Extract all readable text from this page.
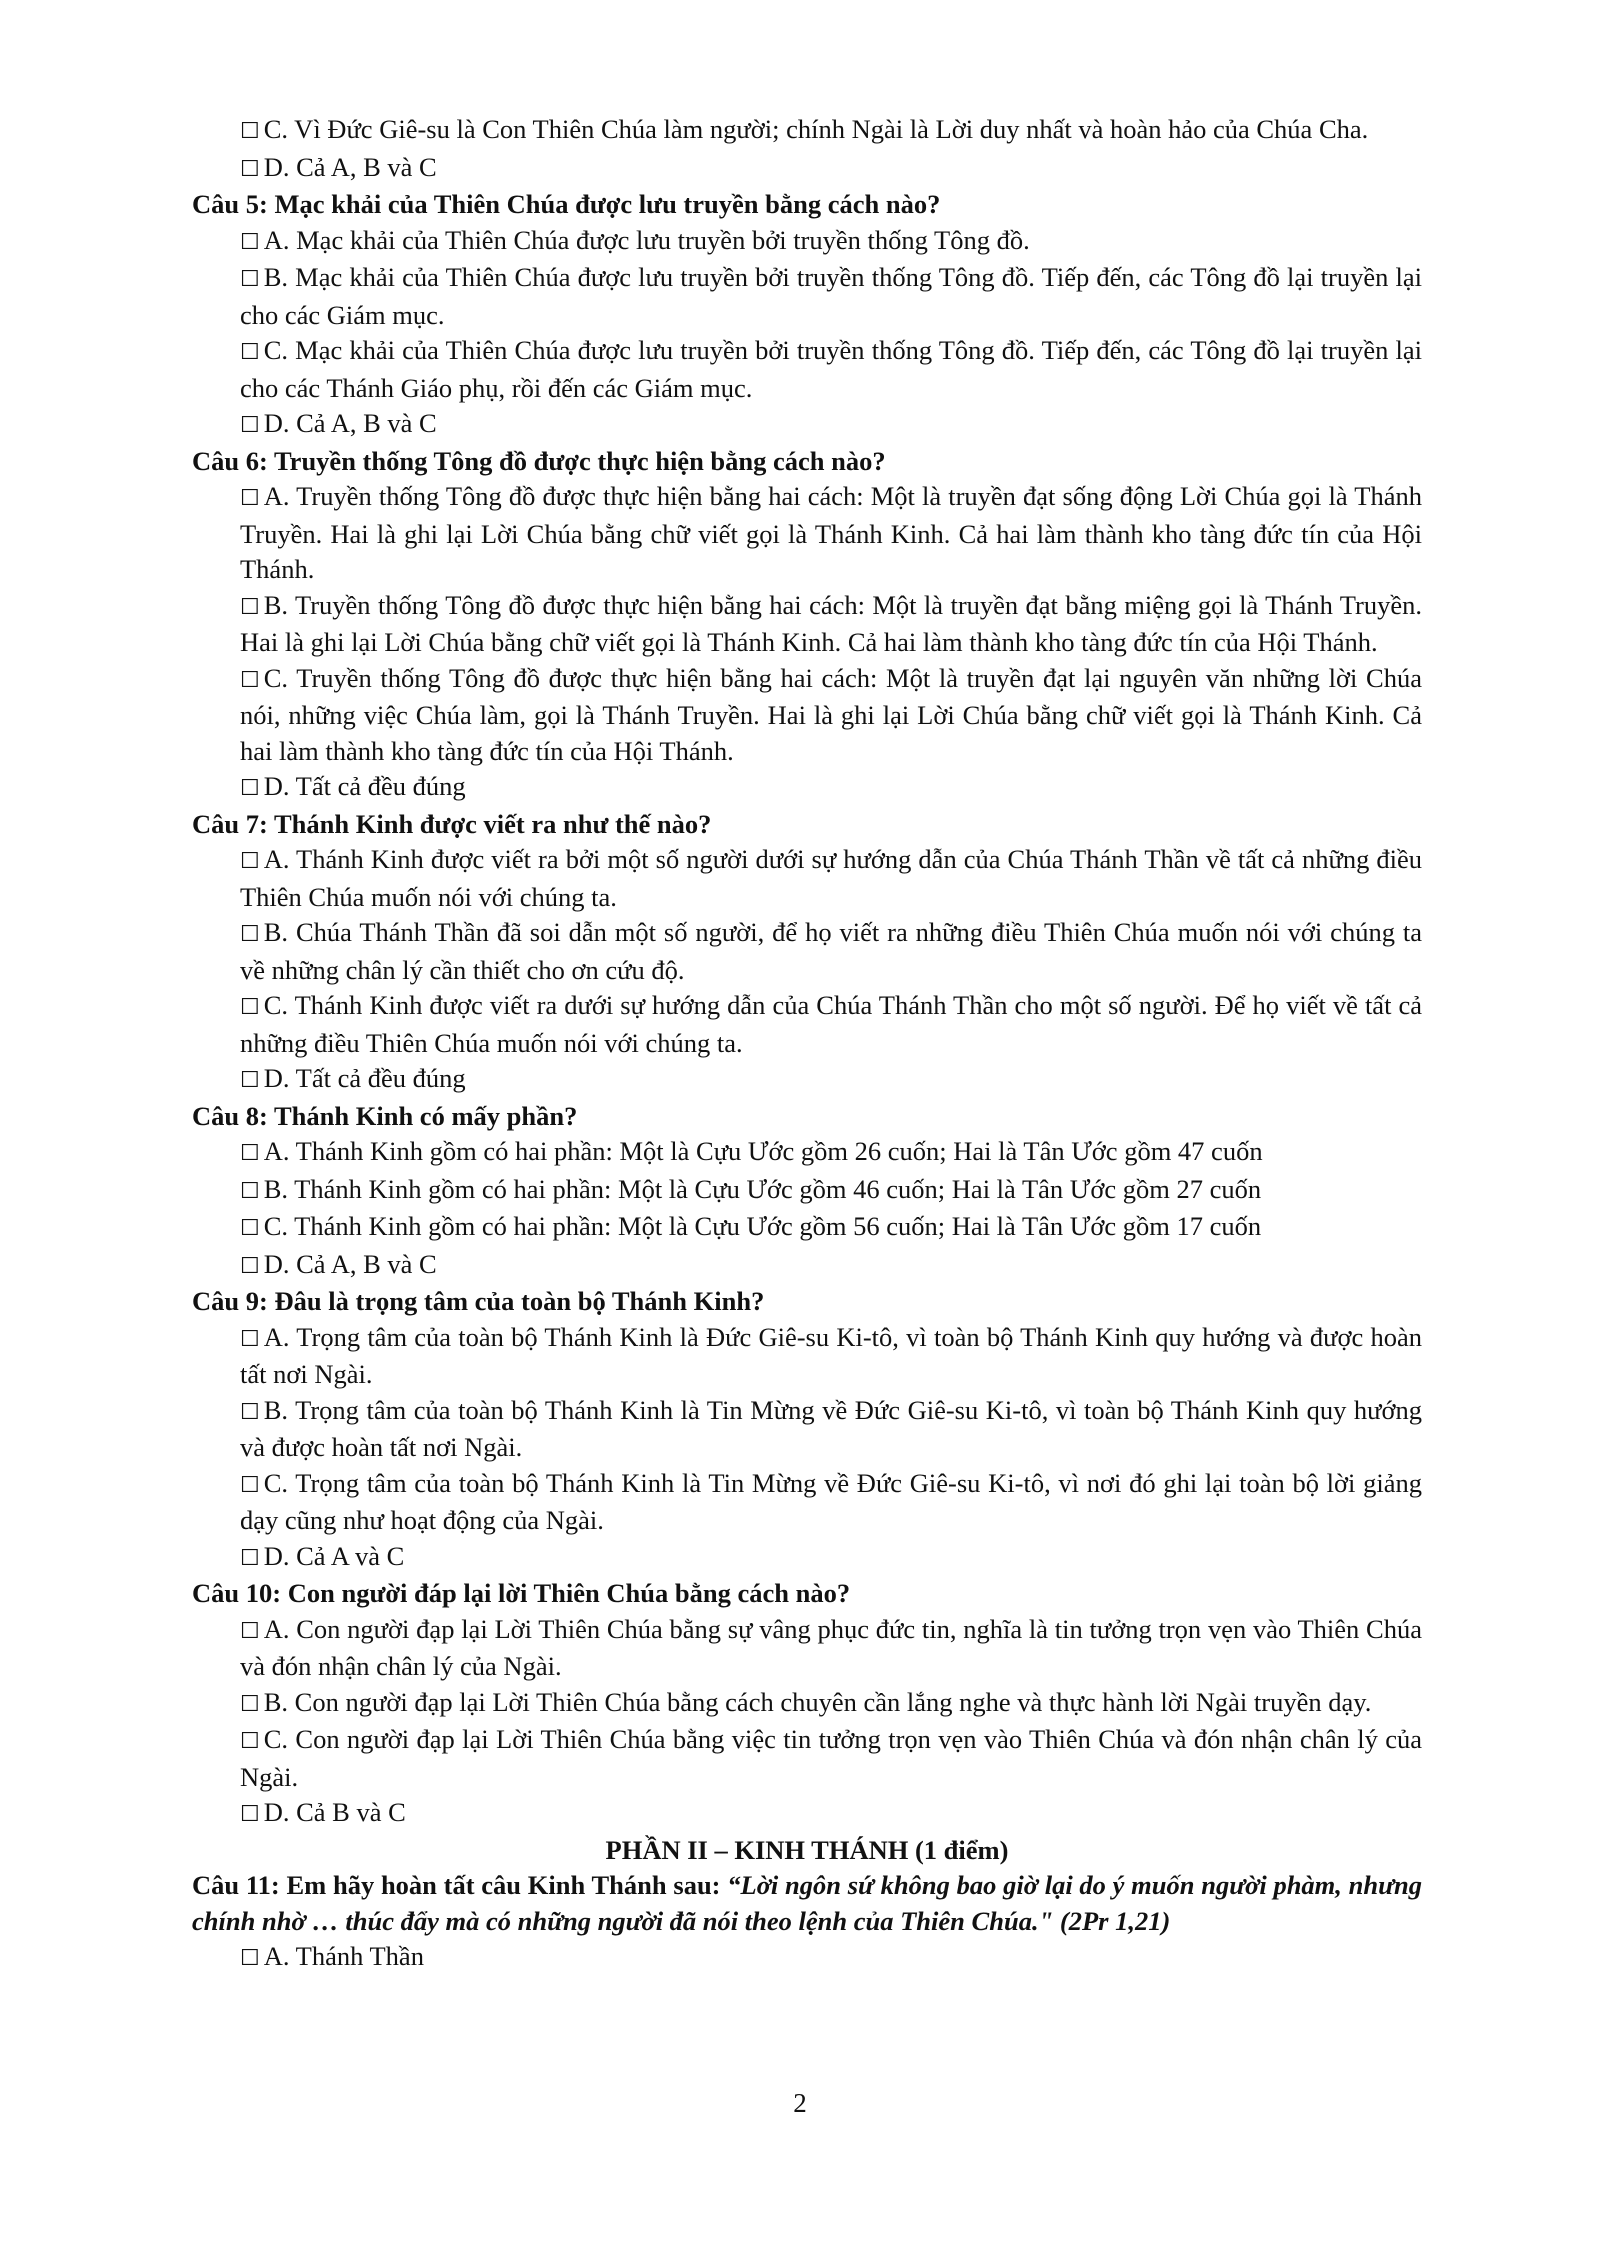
☐ C. Vì Đức Giê-su là Con Thiên Chúa làm người; chính Ngài là Lời duy nhất và hoàn hảo của Chúa Cha.
☐ D. Cả A, B và C
Câu 5: Mạc khải của Thiên Chúa được lưu truyền bằng cách nào?
☐ A. Mạc khải của Thiên Chúa được lưu truyền bởi truyền thống Tông đồ.
☐ B. Mạc khải của Thiên Chúa được lưu truyền bởi truyền thống Tông đồ. Tiếp đến, các Tông đồ lại truyền lại cho các Giám mục.
☐ C. Mạc khải của Thiên Chúa được lưu truyền bởi truyền thống Tông đồ. Tiếp đến, các Tông đồ lại truyền lại cho các Thánh Giáo phụ, rồi đến các Giám mục.
☐ D. Cả A, B và C
Câu 6: Truyền thống Tông đồ được thực hiện bằng cách nào?
☐ A. Truyền thống Tông đồ được thực hiện bằng hai cách: Một là truyền đạt sống động Lời Chúa gọi là Thánh Truyền. Hai là ghi lại Lời Chúa bằng chữ viết gọi là Thánh Kinh. Cả hai làm thành kho tàng đức tín của Hội Thánh.
☐ B. Truyền thống Tông đồ được thực hiện bằng hai cách: Một là truyền đạt bằng miệng gọi là Thánh Truyền. Hai là ghi lại Lời Chúa bằng chữ viết gọi là Thánh Kinh. Cả hai làm thành kho tàng đức tín của Hội Thánh.
☐ C. Truyền thống Tông đồ được thực hiện bằng hai cách: Một là truyền đạt lại nguyên văn những lời Chúa nói, những việc Chúa làm, gọi là Thánh Truyền. Hai là ghi lại Lời Chúa bằng chữ viết gọi là Thánh Kinh. Cả hai làm thành kho tàng đức tín của Hội Thánh.
☐ D. Tất cả đều đúng
Câu 7: Thánh Kinh được viết ra như thế nào?
☐ A. Thánh Kinh được viết ra bởi một số người dưới sự hướng dẫn của Chúa Thánh Thần về tất cả những điều Thiên Chúa muốn nói với chúng ta.
☐ B. Chúa Thánh Thần đã soi dẫn một số người, để họ viết ra những điều Thiên Chúa muốn nói với chúng ta về những chân lý cần thiết cho ơn cứu độ.
☐ C. Thánh Kinh được viết ra dưới sự hướng dẫn của Chúa Thánh Thần cho một số người. Để họ viết về tất cả những điều Thiên Chúa muốn nói với chúng ta.
☐ D. Tất cả đều đúng
Câu 8: Thánh Kinh có mấy phần?
☐ A. Thánh Kinh gồm có hai phần: Một là Cựu Ước gồm 26 cuốn; Hai là Tân Ước gồm 47 cuốn
☐ B. Thánh Kinh gồm có hai phần: Một là Cựu Ước gồm 46 cuốn; Hai là Tân Ước gồm 27 cuốn
☐ C. Thánh Kinh gồm có hai phần: Một là Cựu Ước gồm 56 cuốn; Hai là Tân Ước gồm 17 cuốn
☐ D. Cả A, B và C
Câu 9: Đâu là trọng tâm của toàn bộ Thánh Kinh?
☐ A. Trọng tâm của toàn bộ Thánh Kinh là Đức Giê-su Ki-tô, vì toàn bộ Thánh Kinh quy hướng và được hoàn tất nơi Ngài.
☐ B. Trọng tâm của toàn bộ Thánh Kinh là Tin Mừng về Đức Giê-su Ki-tô, vì toàn bộ Thánh Kinh quy hướng và được hoàn tất nơi Ngài.
☐ C. Trọng tâm của toàn bộ Thánh Kinh là Tin Mừng về Đức Giê-su Ki-tô, vì nơi đó ghi lại toàn bộ lời giảng dạy cũng như hoạt động của Ngài.
☐ D. Cả A và C
Câu 10: Con người đáp lại lời Thiên Chúa bằng cách nào?
☐ A. Con người đạp lại Lời Thiên Chúa bằng sự vâng phục đức tin, nghĩa là tin tưởng trọn vẹn vào Thiên Chúa và đón nhận chân lý của Ngài.
☐ B. Con người đạp lại Lời Thiên Chúa bằng cách chuyên cần lắng nghe và thực hành lời Ngài truyền dạy.
☐ C. Con người đạp lại Lời Thiên Chúa bằng việc tin tưởng trọn vẹn vào Thiên Chúa và đón nhận chân lý của Ngài.
☐ D. Cả B và C
PHẦN II – KINH THÁNH (1 điểm)
Câu 11: Em hãy hoàn tất câu Kinh Thánh sau: “Lời ngôn sứ không bao giờ lại do ý muốn người phàm, nhưng chính nhờ … thúc đẩy mà có những người đã nói theo lệnh của Thiên Chúa." (2Pr 1,21)
☐ A. Thánh Thần
2
